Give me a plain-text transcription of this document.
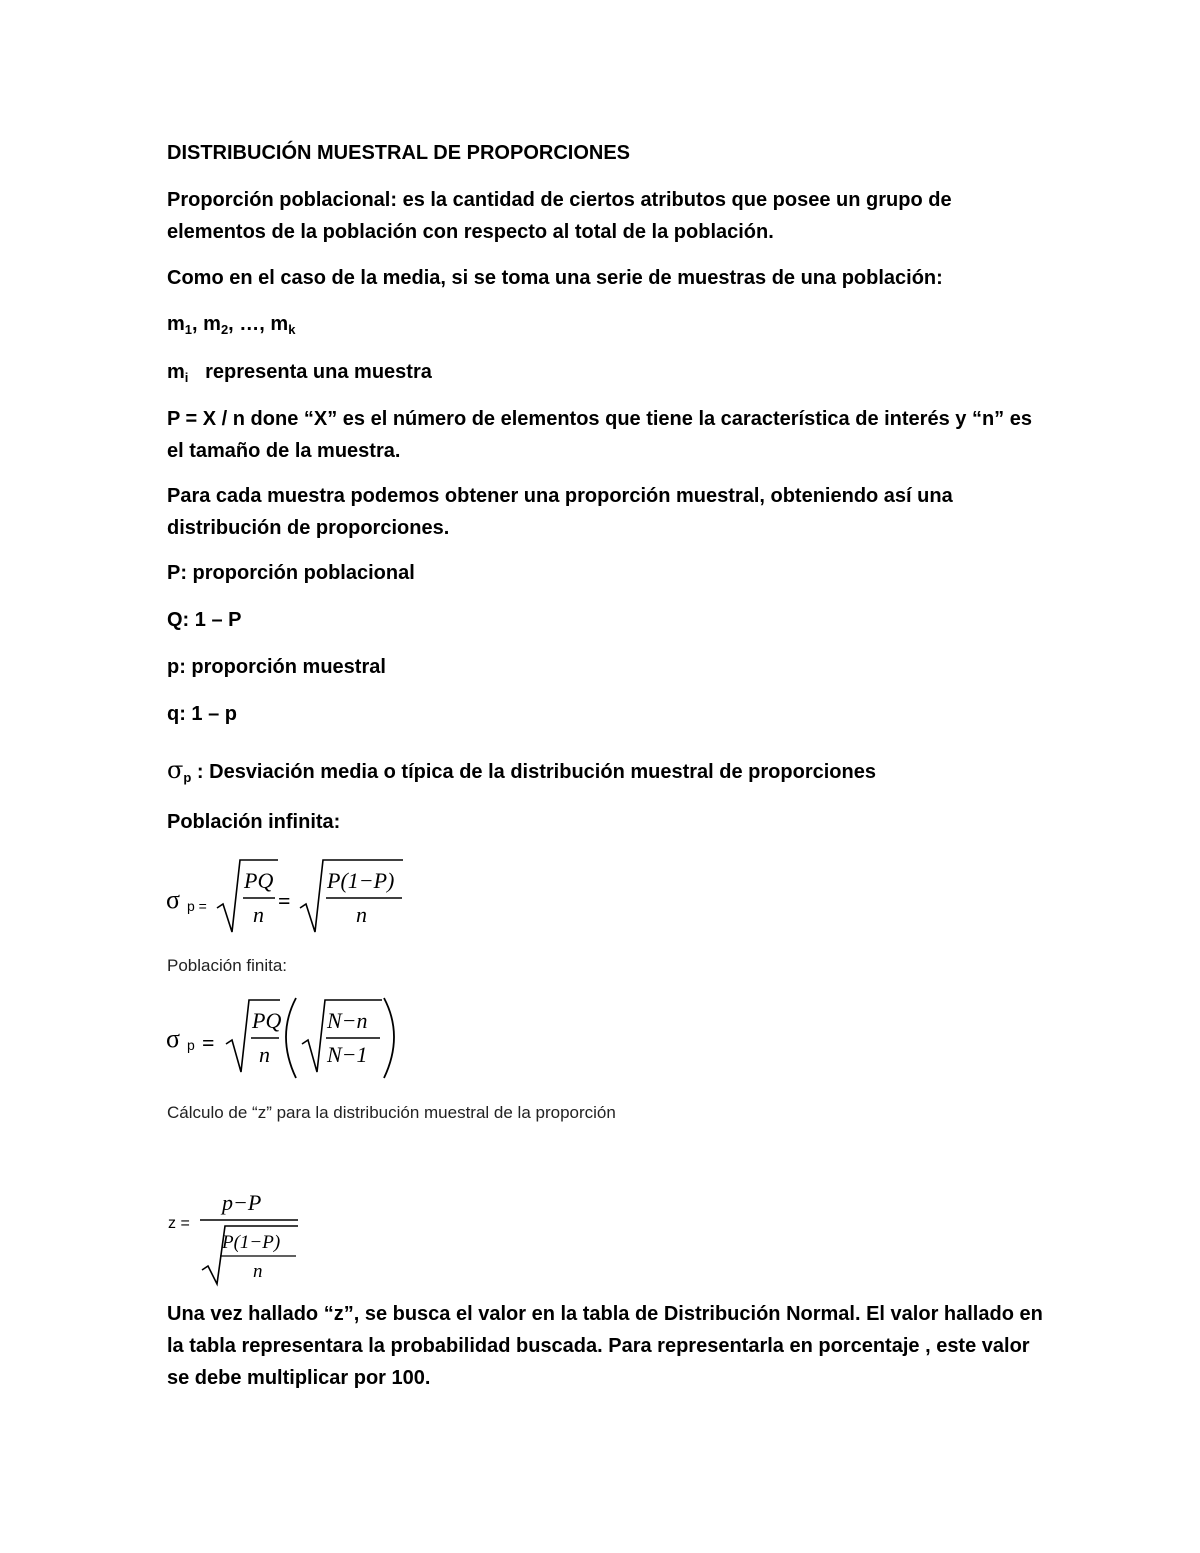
DISTRIBUCIÓN MUESTRAL DE PROPORCIONES

Proporción poblacional: es la cantidad de ciertos atributos que posee un grupo de elementos de la población con respecto al total de la población.

Como en el caso de la media, si se toma una serie de muestras de una población:

$m_1$, $m_2$, …, $m_k$

$m_i$ representa una muestra

P = X / n done “X” es el número de elementos que tiene la característica de interés y “n” es el tamaño de la muestra.

Para cada muestra podemos obtener una proporción muestral, obteniendo así una distribución de proporciones.

P: proporción poblacional

Q: 1 – P

p: proporción muestral

q: 1 – p

$\sigma_p$ : Desviación media o típica de la distribución muestral de proporciones

Población infinita:

σ p =
PQ
n
=
P(1−P)
n

Población finita:

σ p =
PQ
n
N−n
N−1

Cálculo de “z” para la distribución muestral de la proporción

z =
p−P
P(1−P)
n

Una vez hallado “z”, se busca el valor en la tabla de Distribución Normal. El valor hallado en la tabla representara la probabilidad buscada. Para representarla en porcentaje , este valor se debe multiplicar por 100.
